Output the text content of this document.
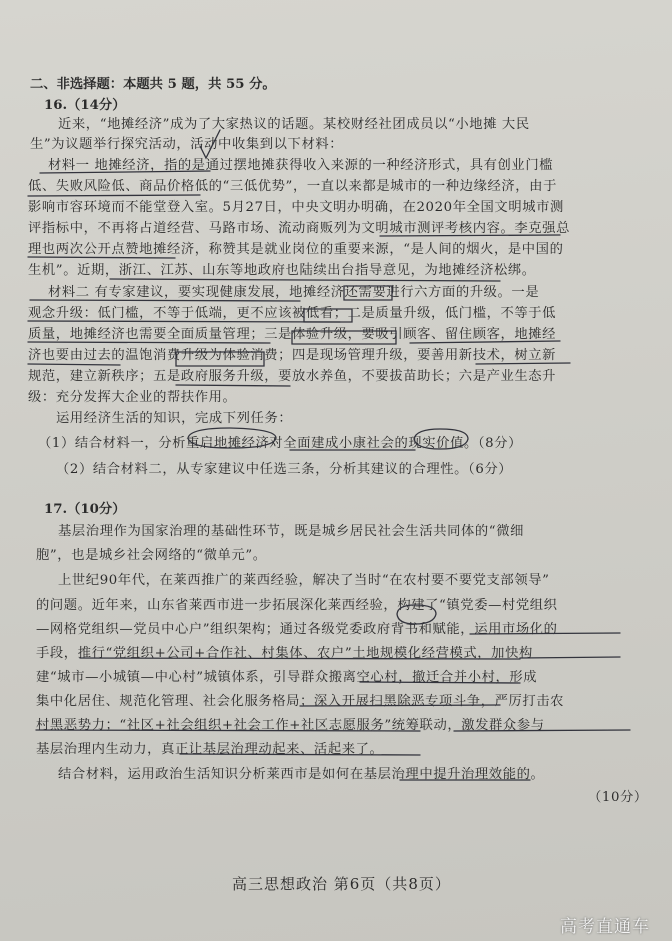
二、非选择题：本题共 5 题，共 55 分。
16.（14分）
近来，“地摊经济”成为了大家热议的话题。某校财经社团成员以“小地摊 大民
生”为议题举行探究活动，活动中收集到以下材料：
材料一 地摊经济，指的是通过摆地摊获得收入来源的一种经济形式，具有创业门槛
低、失败风险低、商品价格低的“三低优势”，一直以来都是城市的一种边缘经济，由于
影响市容环境而不能堂登入室。5月27日，中央文明办明确，在2020年全国文明城市测
评指标中，不再将占道经营、马路市场、流动商贩列为文明城市测评考核内容。李克强总
理也两次公开点赞地摊经济，称赞其是就业岗位的重要来源，“是人间的烟火，是中国的
生机”。近期，浙江、江苏、山东等地政府也陆续出台指导意见，为地摊经济松绑。
材料二 有专家建议，要实现健康发展，地摊经济还需要进行六方面的升级。一是
观念升级：低门槛，不等于低端，更不应该被低看；二是质量升级，低门槛，不等于低
质量，地摊经济也需要全面质量管理；三是体验升级，要吸引顾客、留住顾客，地摊经
济也要由过去的温饱消费升级为体验消费；四是现场管理升级，要善用新技术，树立新
规范，建立新秩序；五是政府服务升级，要放水养鱼，不要拔苗助长；六是产业生态升
级：充分发挥大企业的帮扶作用。
运用经济生活的知识，完成下列任务：
（1）结合材料一，分析重启地摊经济对全面建成小康社会的现实价值。（8分）
（2）结合材料二，从专家建议中任选三条，分析其建议的合理性。（6分）
17.（10分）
基层治理作为国家治理的基础性环节，既是城乡居民社会生活共同体的“微细
胞”，也是城乡社会网络的“微单元”。
上世纪90年代，在莱西推广的莱西经验，解决了当时“在农村要不要党支部领导”
的问题。近年来，山东省莱西市进一步拓展深化莱西经验，构建了“镇党委—村党组织
—网格党组织—党员中心户”组织架构；通过各级党委政府背书和赋能，运用市场化的
手段，推行“党组织+公司+合作社、村集体、农户”土地规模化经营模式，加快构
建“城市—小城镇—中心村”城镇体系，引导群众搬离空心村，撤迁合并小村，形成
集中化居住、规范化管理、社会化服务格局；深入开展扫黑除恶专项斗争，严厉打击农
村黑恶势力；“社区+社会组织+社会工作+社区志愿服务”统筹联动，激发群众参与
基层治理内生动力，真正让基层治理动起来、活起来了。
结合材料，运用政治生活知识分析莱西市是如何在基层治理中提升治理效能的。
（10分）
高三思想政治 第6页（共8页）
高考直通车
